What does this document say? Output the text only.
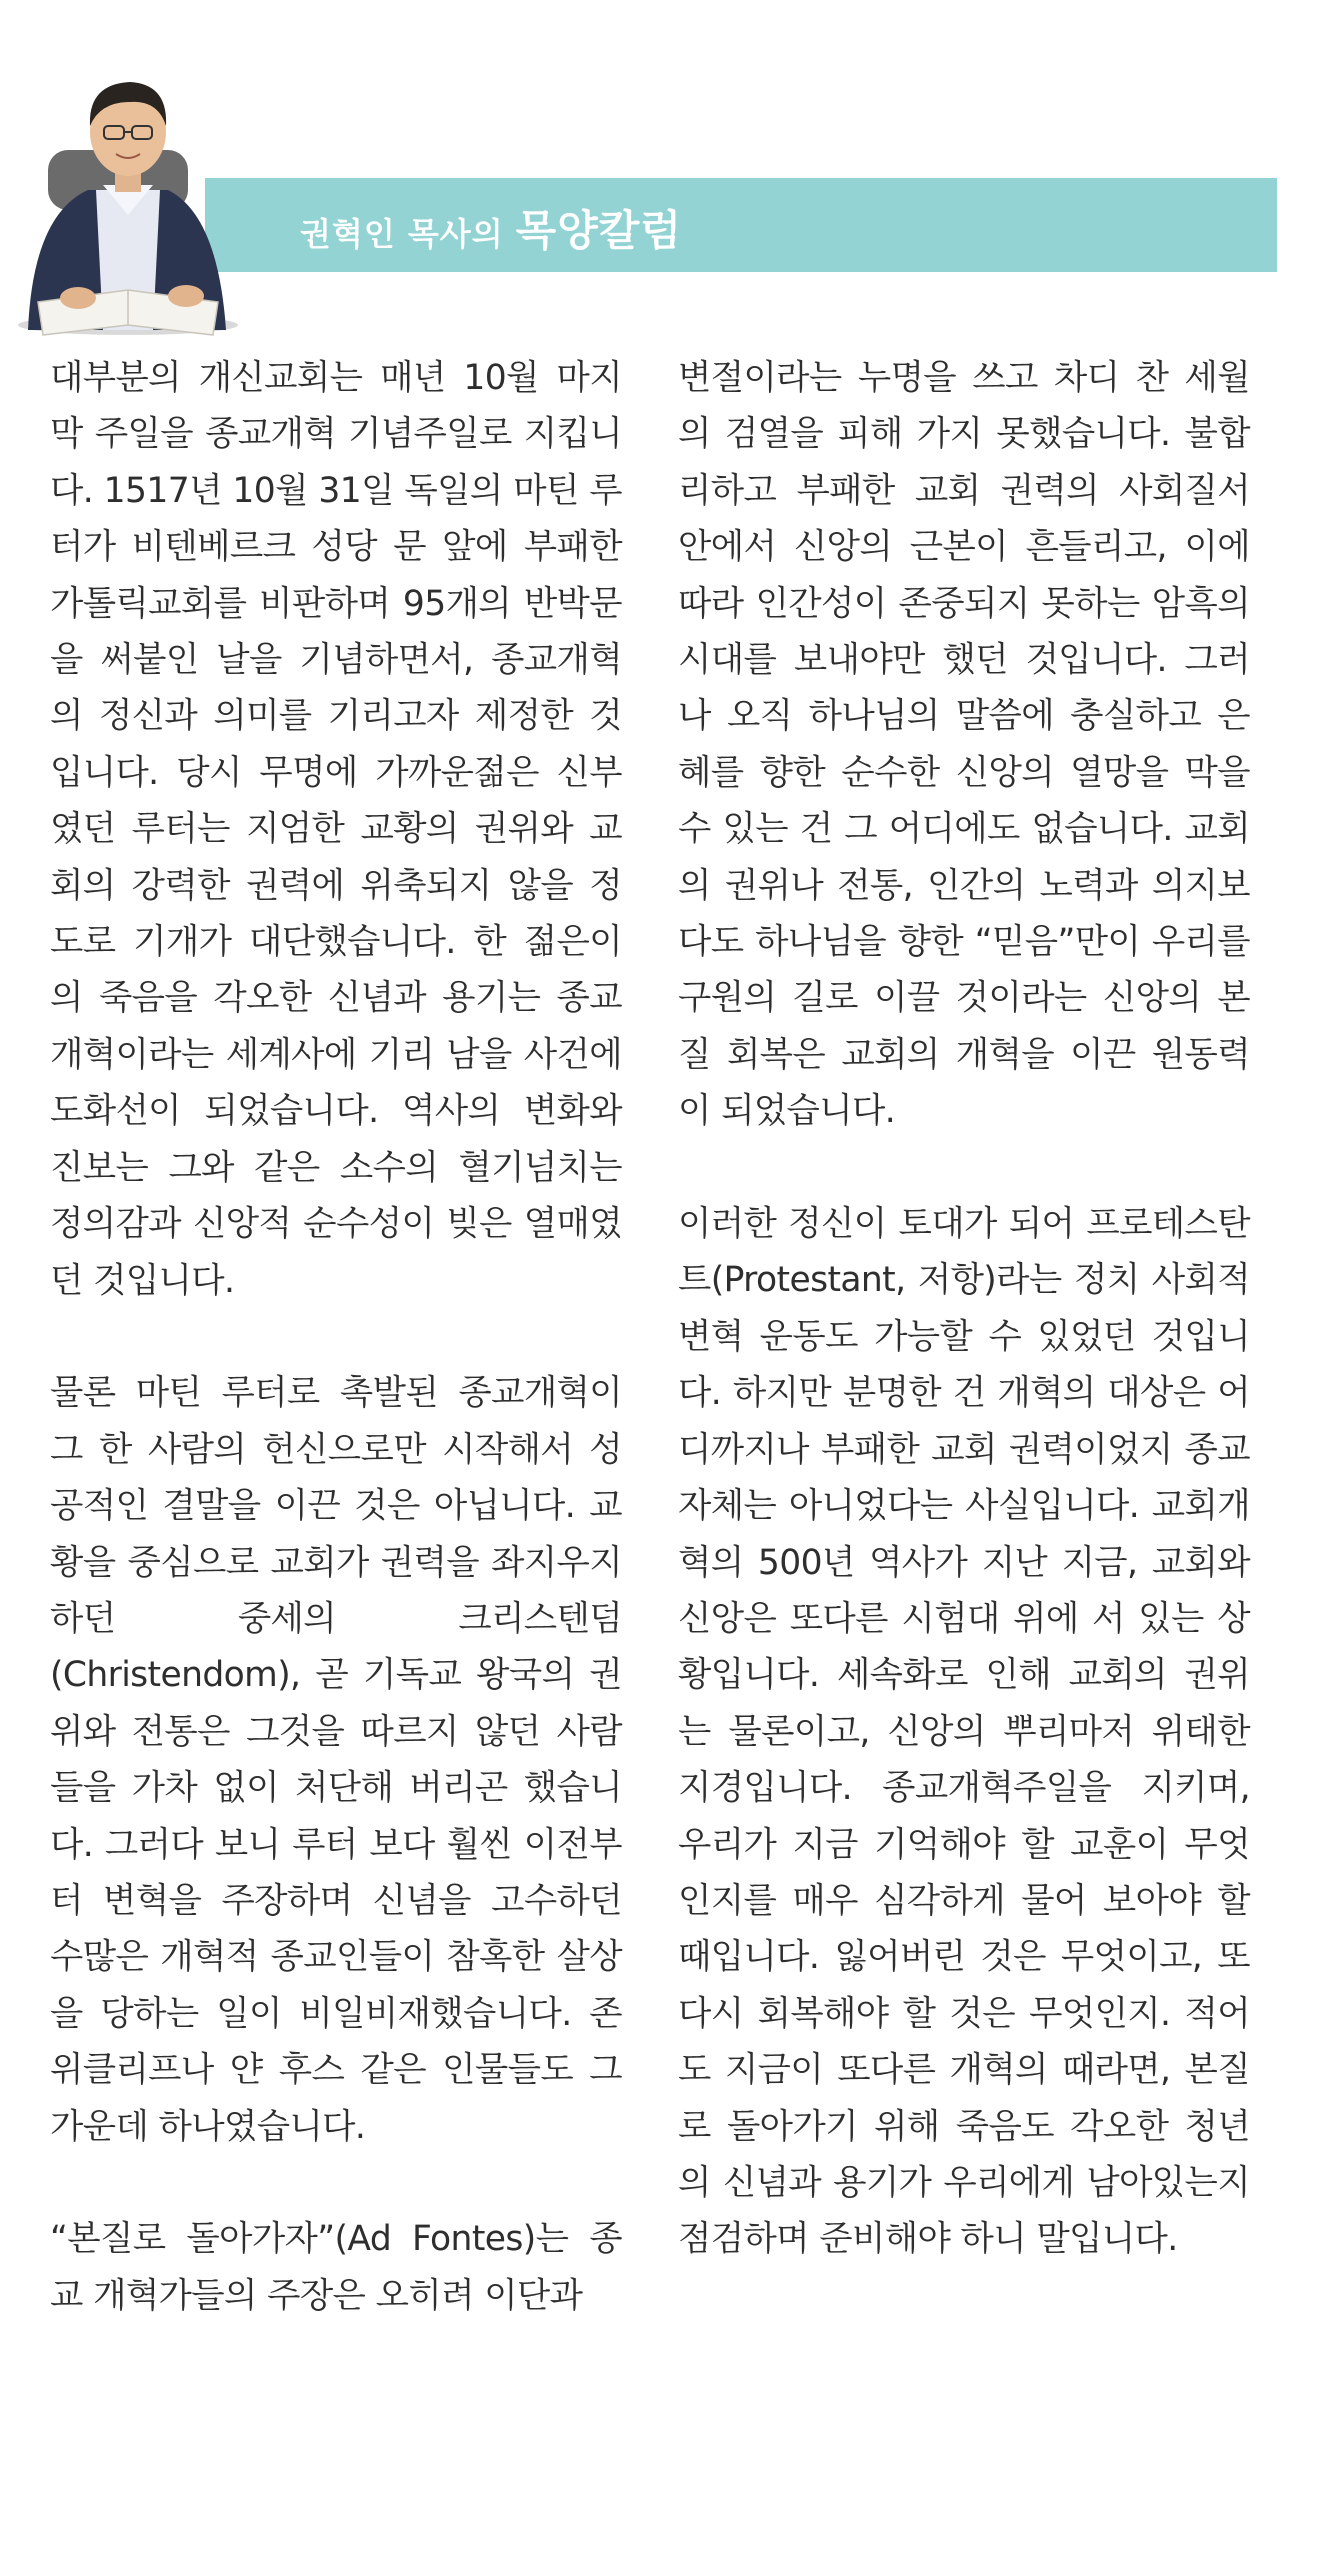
권혁인 목사의 목양칼럼

대부분의 개신교회는 매년 10월 마지막 주일을 종교개혁 기념주일로 지킵니다. 1517년 10월 31일 독일의 마틴 루터가 비텐베르크 성당 문 앞에 부패한 가톨릭교회를 비판하며 95개의 반박문을 써붙인 날을 기념하면서, 종교개혁의 정신과 의미를 기리고자 제정한 것입니다. 당시 무명에 가까운젊은 신부였던 루터는 지엄한 교황의 권위와 교회의 강력한 권력에 위축되지 않을 정도로 기개가 대단했습니다. 한 젊은이의 죽음을 각오한 신념과 용기는 종교개혁이라는 세계사에 기리 남을 사건에 도화선이 되었습니다. 역사의 변화와 진보는 그와 같은 소수의 혈기넘치는 정의감과 신앙적 순수성이 빚은 열매였던 것입니다.

물론 마틴 루터로 촉발된 종교개혁이 그 한 사람의 헌신으로만 시작해서 성공적인 결말을 이끈 것은 아닙니다. 교황을 중심으로 교회가 권력을 좌지우지하던 중세의 크리스텐덤(Christendom), 곧 기독교 왕국의 권위와 전통은 그것을 따르지 않던 사람들을 가차 없이 처단해 버리곤 했습니다. 그러다 보니 루터 보다 훨씬 이전부터 변혁을 주장하며 신념을 고수하던 수많은 개혁적 종교인들이 참혹한 살상을 당하는 일이 비일비재했습니다. 존 위클리프나 얀 후스 같은 인물들도 그 가운데 하나였습니다.

“본질로 돌아가자”(Ad Fontes)는 종교 개혁가들의 주장은 오히려 이단과

변절이라는 누명을 쓰고 차디 찬 세월의 검열을 피해 가지 못했습니다. 불합리하고 부패한 교회 권력의 사회질서 안에서 신앙의 근본이 흔들리고, 이에 따라 인간성이 존중되지 못하는 암흑의 시대를 보내야만 했던 것입니다. 그러나 오직 하나님의 말씀에 충실하고 은혜를 향한 순수한 신앙의 열망을 막을 수 있는 건 그 어디에도 없습니다. 교회의 권위나 전통, 인간의 노력과 의지보다도 하나님을 향한 “믿음”만이 우리를 구원의 길로 이끌 것이라는 신앙의 본질 회복은 교회의 개혁을 이끈 원동력이 되었습니다.

이러한 정신이 토대가 되어 프로테스탄트(Protestant, 저항)라는 정치 사회적 변혁 운동도 가능할 수 있었던 것입니다. 하지만 분명한 건 개혁의 대상은 어디까지나 부패한 교회 권력이었지 종교 자체는 아니었다는 사실입니다. 교회개혁의 500년 역사가 지난 지금, 교회와 신앙은 또다른 시험대 위에 서 있는 상황입니다. 세속화로 인해 교회의 권위는 물론이고, 신앙의 뿌리마저 위태한 지경입니다. 종교개혁주일을 지키며, 우리가 지금 기억해야 할 교훈이 무엇인지를 매우 심각하게 물어 보아야 할 때입니다. 잃어버린 것은 무엇이고, 또 다시 회복해야 할 것은 무엇인지. 적어도 지금이 또다른 개혁의 때라면, 본질로 돌아가기 위해 죽음도 각오한 청년의 신념과 용기가 우리에게 남아있는지 점검하며 준비해야 하니 말입니다.
